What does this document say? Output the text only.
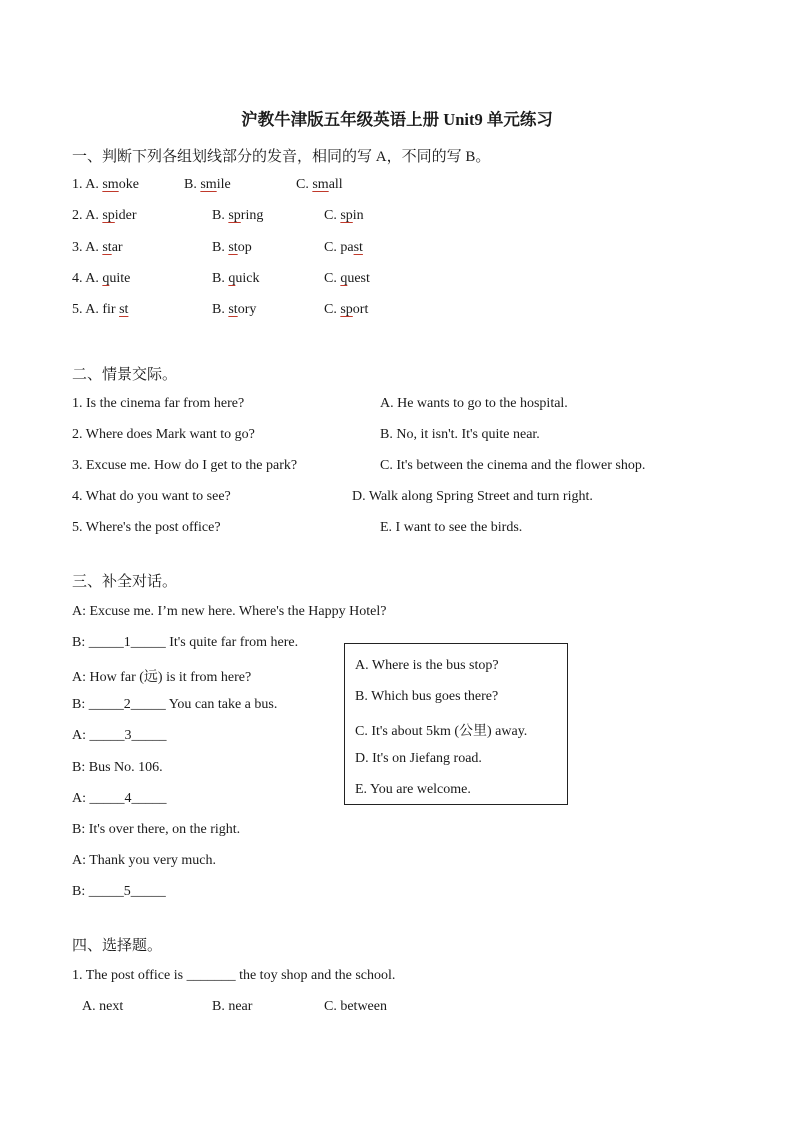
沪教牛津版五年级英语上册 Unit9 单元练习
一、判断下列各组划线部分的发音，相同的写 A，不同的写 B。
1. A. smoke	B. smile	C. small
2. A. spider	B. spring	C. spin
3. A. star	B. stop	C. past
4. A. quite	B. quick	C. quest
5. A. fir st	B. story	C. sport
二、情景交际。
1. Is the cinema far from here?
2. Where does Mark want to go?
3. Excuse me. How do I get to the park?
4. What do you want to see?
5. Where's the post office?
A. He wants to go to the hospital.
B. No, it isn't. It's quite near.
C. It's between the cinema and the flower shop.
D. Walk along Spring Street and turn right.
E. I want to see the birds.
三、补全对话。
A: Excuse me. I’m new here. Where's the Happy Hotel?
B: _____1_____ It's quite far from here.
A: How far (远) is it from here?
B: _____2_____ You can take a bus.
A: _____3_____
B: Bus No. 106.
A: _____4_____
B: It's over there, on the right.
A: Thank you very much.
B: _____5_____
A. Where is the bus stop?
B. Which bus goes there?
C. It's about 5km (公里) away.
D. It's on Jiefang road.
E. You are welcome.
四、选择题。
1. The post office is _______ the toy shop and the school.
A. next	B. near	C. between
